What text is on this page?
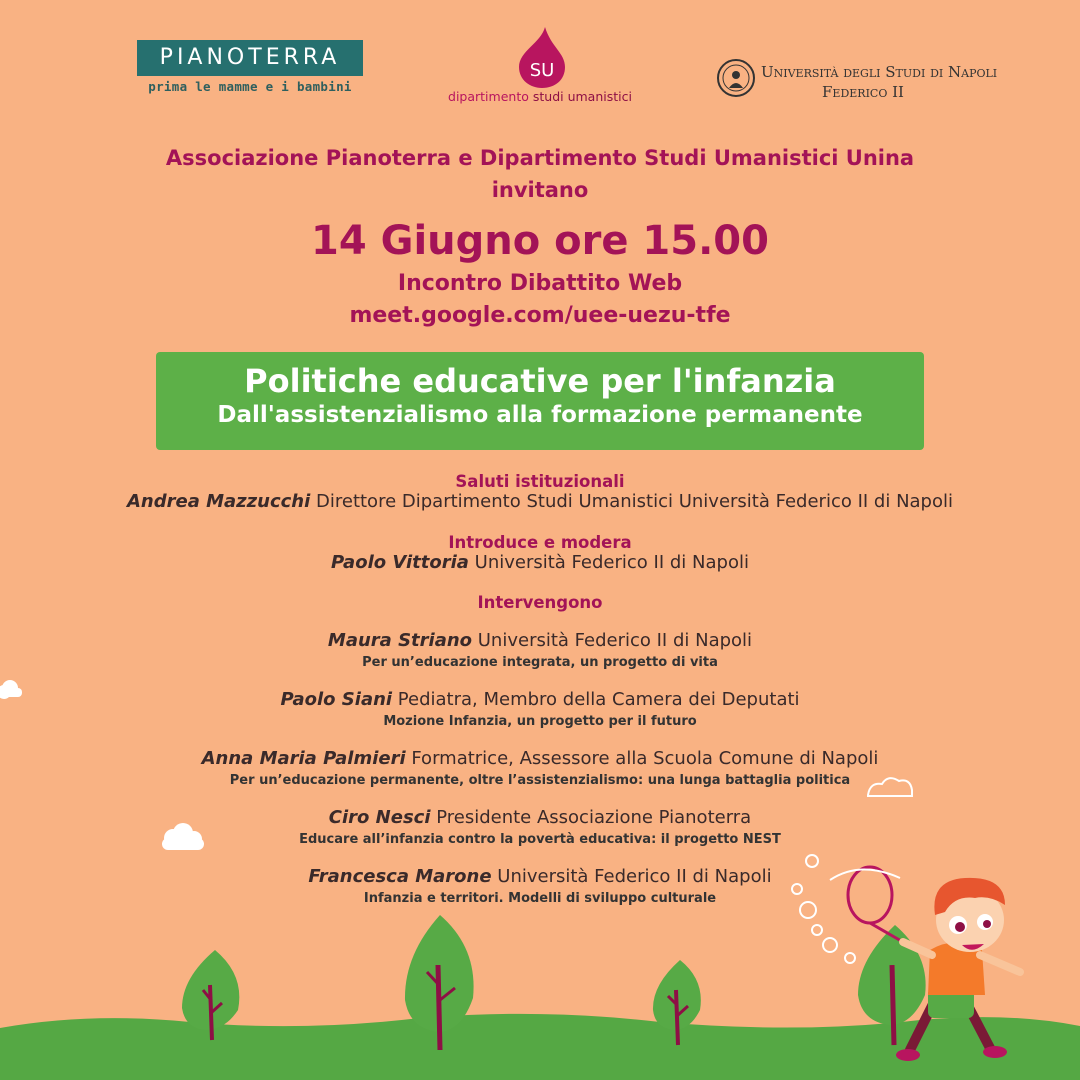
PIANOTERRA
prima le mamme e i bambini
SU
dipartimento studi umanistici
Università degli Studi di Napoli
Federico II
Associazione Pianoterra e Dipartimento Studi Umanistici Unina
invitano
14 Giugno ore 15.00
Incontro Dibattito Web
meet.google.com/uee-uezu-tfe
Politiche educative per l'infanzia
Dall'assistenzialismo alla formazione permanente
Saluti istituzionali
Andrea Mazzucchi Direttore Dipartimento Studi Umanistici Università Federico II di Napoli
Introduce e modera
Paolo Vittoria Università Federico II di Napoli
Intervengono
Maura Striano Università Federico II di Napoli
Per un’educazione integrata, un progetto di vita
Paolo Siani Pediatra, Membro della Camera dei Deputati
Mozione Infanzia, un progetto per il futuro
Anna Maria Palmieri Formatrice, Assessore alla Scuola Comune di Napoli
Per un’educazione permanente, oltre l’assistenzialismo: una lunga battaglia politica
Ciro Nesci Presidente Associazione Pianoterra
Educare all’infanzia contro la povertà educativa: il progetto NEST
Francesca Marone Università Federico II di Napoli
Infanzia e territori. Modelli di sviluppo culturale
